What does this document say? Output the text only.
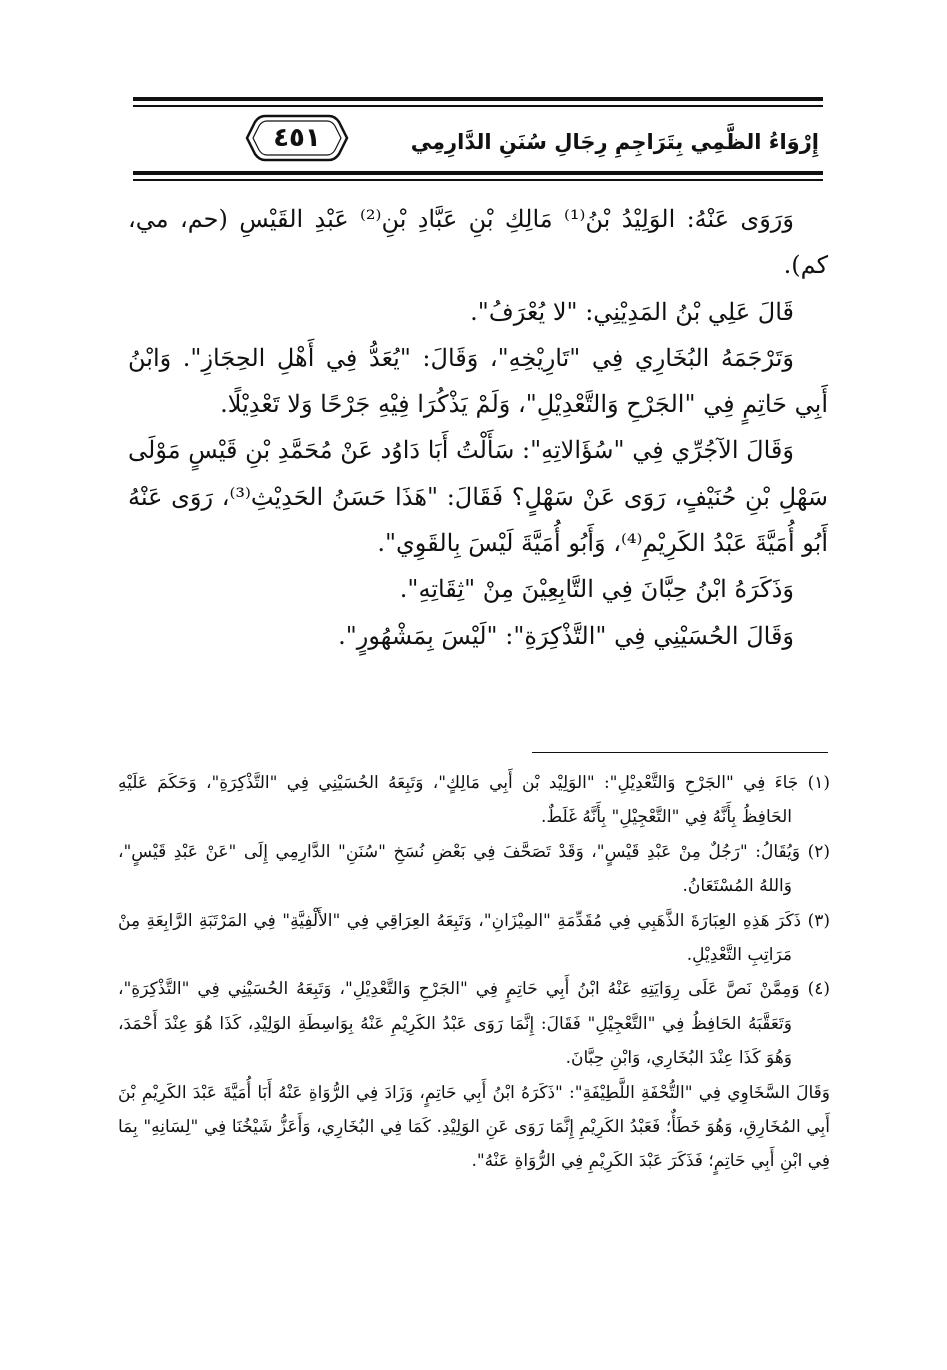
٤٥١	إِرْوَاءُ الظَّمِي بِتَرَاجِمِ رِجَالِ سُنَنِ الدَّارِمِي

وَرَوَى عَنْهُ: الوَلِيْدُ بْنُ⁽¹⁾ مَالِكِ بْنِ عَبَّادِ بْنِ⁽²⁾ عَبْدِ القَيْسِ (حم، مي، كم).

قَالَ عَلِي بْنُ المَدِيْنِي: "لا يُعْرَفُ".

وَتَرْجَمَهُ البُخَارِي فِي "تَارِيْخِهِ"، وَقَالَ: "يُعَدُّ فِي أَهْلِ الحِجَازِ". وَابْنُ أَبِي حَاتِمٍ فِي "الجَرْحِ وَالتَّعْدِيْلِ"، وَلَمْ يَذْكُرَا فِيْهِ جَرْحًا وَلا تَعْدِيْلًا.

وَقَالَ الآجُرِّي فِي "سُؤَالاتِهِ": سَأَلْتُ أَبَا دَاوُد عَنْ مُحَمَّدِ بْنِ قَيْسٍ مَوْلَى سَهْلِ بْنِ حُنَيْفٍ، رَوَى عَنْ سَهْلٍ؟ فَقَالَ: "هَذَا حَسَنُ الحَدِيْثِ⁽³⁾، رَوَى عَنْهُ أَبُو أُمَيَّةَ عَبْدُ الكَرِيْمِ⁽⁴⁾، وَأَبُو أُمَيَّةَ لَيْسَ بِالقَوِي".

وَذَكَرَهُ ابْنُ حِبَّانَ فِي التَّابِعِيْنَ مِنْ "ثِقَاتِهِ".

وَقَالَ الحُسَيْنِي فِي "التَّذْكِرَةِ": "لَيْسَ بِمَشْهُورٍ".

(١) جَاءَ فِي "الجَرْحِ وَالتَّعْدِيْلِ": "الوَلِيْد بْن أَبِي مَالِكٍ"، وَتَبِعَهُ الحُسَيْنِي فِي "التَّذْكِرَةِ"، وَحَكَمَ عَلَيْهِ الحَافِظُ بِأَنَّهُ فِي "التَّعْجِيْلِ" بِأَنَّهُ غَلَطٌ.

(٢) وَيُقَالُ: "رَجُلٌ مِنْ عَبْدِ قَيْسٍ"، وَقَدْ تَصَحَّفَ فِي بَعْضِ نُسَخِ "سُنَنِ" الدَّارِمِي إِلَى "عَنْ عَبْدِ قَيْسٍ"، وَاللهُ المُسْتَعَانُ.

(٣) ذَكَرَ هَذِهِ العِبَارَةَ الذَّهَبِي فِي مُقَدِّمَةِ "المِيْزَانِ"، وَتَبِعَهُ العِرَاقِي فِي "الأَلْفِيَّةِ" فِي المَرْتَبَةِ الرَّابِعَةِ مِنْ مَرَاتِبِ التَّعْدِيْلِ.

(٤) وَمِمَّنْ نَصَّ عَلَى رِوَايَتِهِ عَنْهُ ابْنُ أَبِي حَاتِمٍ فِي "الجَرْحِ وَالتَّعْدِيْلِ"، وَتَبِعَهُ الحُسَيْنِي فِي "التَّذْكِرَةِ"، وَتَعَقَّبَهُ الحَافِظُ فِي "التَّعْجِيْلِ" فَقَالَ: إِنَّمَا رَوَى عَبْدُ الكَرِيْمِ عَنْهُ بِوَاسِطَةِ الوَلِيْدِ، كَذَا هُوَ عِنْدَ أَحْمَدَ، وَهُوَ كَذَا عِنْدَ البُخَارِي، وَابْنِ حِبَّانَ.

وَقَالَ السَّخَاوِي فِي "التُّحْفَةِ اللَّطِيْفَةِ": "ذَكَرَهُ ابْنُ أَبِي حَاتِمٍ، وَزَادَ فِي الرُّوَاةِ عَنْهُ أَبَا أُمَيَّةَ عَبْدَ الكَرِيْمِ بْنَ أَبِي المُخَارِقِ، وَهُوَ خَطَأٌ؛ فَعَبْدُ الكَرِيْمِ إِنَّمَا رَوَى عَنِ الوَلِيْدِ. كَمَا فِي البُخَارِي، وَأَعَزُّ شَيْخُنَا فِي "لِسَانِهِ" بِمَا فِي ابْنِ أَبِي حَاتِمٍ؛ فَذَكَرَ عَبْدَ الكَرِيْمِ فِي الرُّوَاةِ عَنْهُ".
